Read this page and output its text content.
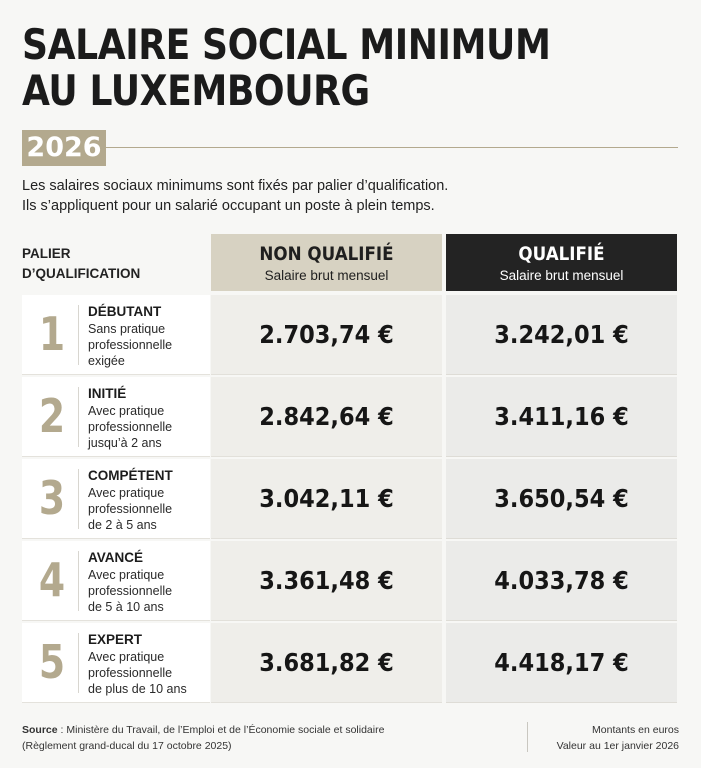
SALAIRE SOCIAL MINIMUM
AU LUXEMBOURG
2026
Les salaires sociaux minimums sont fixés par palier d’qualification.
Ils s’appliquent pour un salarié occupant un poste à plein temps.
PALIER
D’QUALIFICATION
NON QUALIFIÉ
Salaire brut mensuel
QUALIFIÉ
Salaire brut mensuel
1 DÉBUTANT
Sans pratique
professionnelle
exigée
2.703,74 €	3.242,01 €
2 INITIÉ
Avec pratique
professionnelle
jusqu’à 2 ans
2.842,64 €	3.411,16 €
3 COMPÉTENT
Avec pratique
professionnelle
de 2 à 5 ans
3.042,11 €	3.650,54 €
4 AVANCÉ
Avec pratique
professionnelle
de 5 à 10 ans
3.361,48 €	4.033,78 €
5 EXPERT
Avec pratique
professionnelle
de plus de 10 ans
3.681,82 €	4.418,17 €
Source : Ministère du Travail, de l’Emploi et de l’Économie sociale et solidaire
(Règlement grand-ducal du 17 octobre 2025)
Montants en euros
Valeur au 1er janvier 2026
